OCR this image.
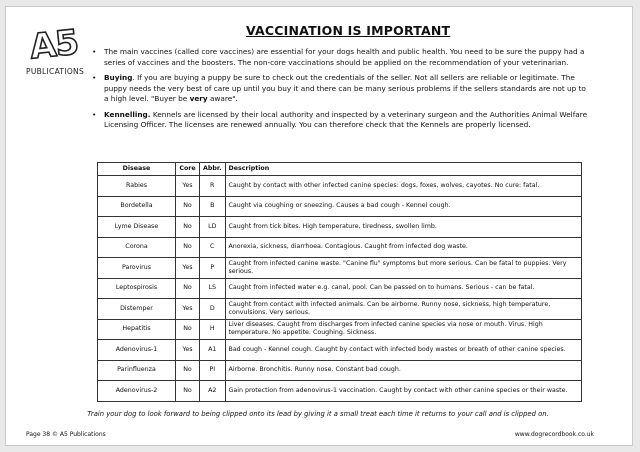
A5
PUBLICATIONS
VACCINATION IS IMPORTANT
• The main vaccines (called core vaccines) are essential for your dogs health and public health. You need to be sure the puppy had a series of vaccines and the boosters. The non-core vaccinations should be applied on the recommendation of your veterinarian.
• Buying. If you are buying a puppy be sure to check out the credentials of the seller. Not all sellers are reliable or legitimate. The puppy needs the very best of care up until you buy it and there can be many serious problems if the sellers standards are not up to a high level. "Buyer be very aware".
• Kennelling. Kennels are licensed by their local authority and inspected by a veterinary surgeon and the Authorities Animal Welfare Licensing Officer. The licenses are renewed annually. You can therefore check that the Kennels are properly licensed.
Disease	Core	Abbr.	Description
Rabies	Yes	R	Caught by contact with other infected canine species: dogs, foxes, wolves, cayotes. No cure: fatal.
Bordetella	No	B	Caught via coughing or sneezing. Causes a bad cough - Kennel cough.
Lyme Disease	No	LD	Caught from tick bites. High temperature, tiredness, swollen limb.
Corona	No	C	Anorexia, sickness, diarrhoea. Contagious. Caught from infected dog waste.
Parovirus	Yes	P	Caught from infected canine waste. "Canine flu" symptoms but more serious. Can be fatal to puppies. Very serious.
Leptospirosis	No	LS	Caught from infected water e.g. canal, pool. Can be passed on to humans. Serious - can be fatal.
Distemper	Yes	D	Caught from contact with infected animals. Can be airborne. Runny nose, sickness, high temperature, convulsions. Very serious.
Hepatitis	No	H	Liver diseases. Caught from discharges from infected canine species via nose or mouth. Virus. High temperature. No appetite. Coughing. Sickness.
Adenovirus-1	Yes	A1	Bad cough - Kennel cough. Caught by contact with infected body wastes or breath of other canine species.
Parinfluenza	No	PI	Airborne. Bronchitis. Runny nose. Constant bad cough.
Adenovirus-2	No	A2	Gain protection from adenovirus-1 vaccination. Caught by contact with other canine species or their waste.
Train your dog to look forward to being clipped onto its lead by giving it a small treat each time it returns to your call and is clipped on.
Page 38 © A5 Publications	www.dogrecordbook.co.uk
